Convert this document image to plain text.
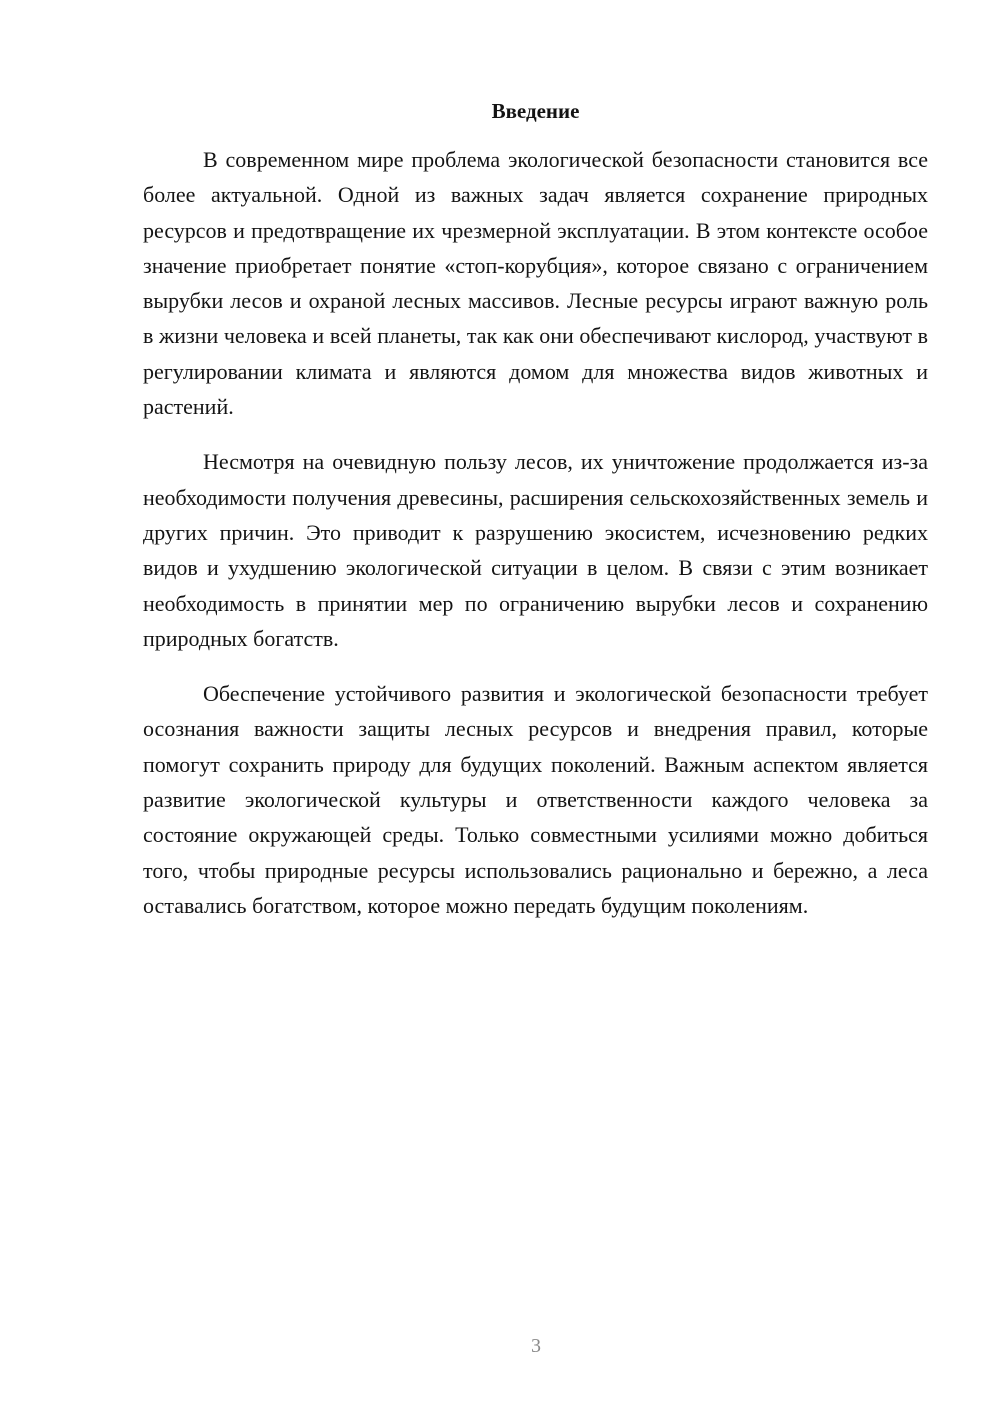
Введение

В современном мире проблема экологической безопасности становится все более актуальной. Одной из важных задач является сохранение природных ресурсов и предотвращение их чрезмерной эксплуатации. В этом контексте особое значение приобретает понятие «стоп-корубция», которое связано с ограничением вырубки лесов и охраной лесных массивов. Лесные ресурсы играют важную роль в жизни человека и всей планеты, так как они обеспечивают кислород, участвуют в регулировании климата и являются домом для множества видов животных и растений.

Несмотря на очевидную пользу лесов, их уничтожение продолжается из-за необходимости получения древесины, расширения сельскохозяйственных земель и других причин. Это приводит к разрушению экосистем, исчезновению редких видов и ухудшению экологической ситуации в целом. В связи с этим возникает необходимость в принятии мер по ограничению вырубки лесов и сохранению природных богатств.

Обеспечение устойчивого развития и экологической безопасности требует осознания важности защиты лесных ресурсов и внедрения правил, которые помогут сохранить природу для будущих поколений. Важным аспектом является развитие экологической культуры и ответственности каждого человека за состояние окружающей среды. Только совместными усилиями можно добиться того, чтобы природные ресурсы использовались рационально и бережно, а леса оставались богатством, которое можно передать будущим поколениям.

3
